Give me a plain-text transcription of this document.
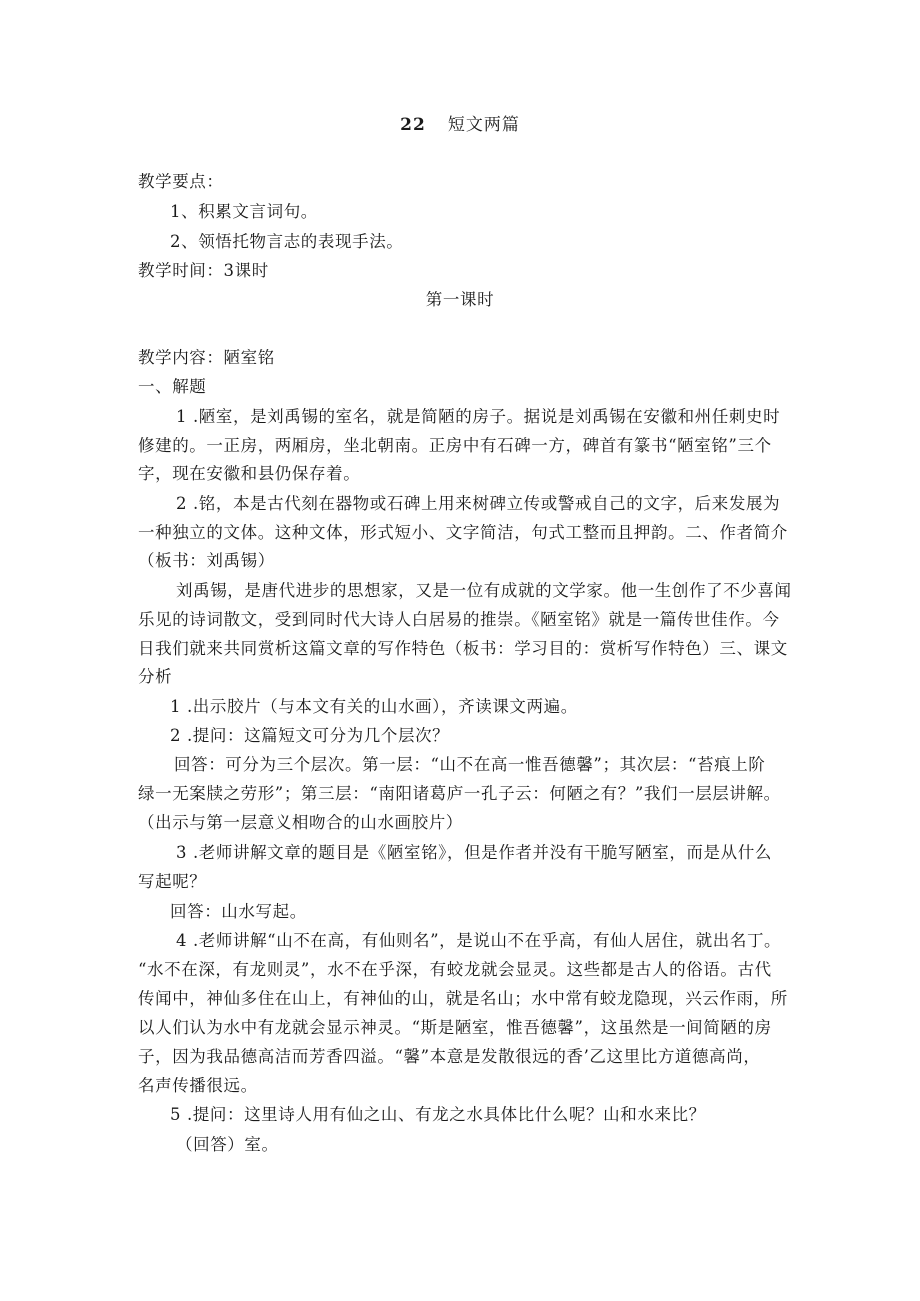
22 短文两篇
教学要点：
1、积累文言词句。
2、领悟托物言志的表现手法。
教学时间：3课时
第一课时
教学内容：陋室铭
一、解题
1 .陋室，是刘禹锡的室名，就是简陋的房子。据说是刘禹锡在安徽和州任刺史时
修建的。一正房，两厢房，坐北朝南。正房中有石碑一方，碑首有篆书“陋室铭”三个
字，现在安徽和县仍保存着。
2 .铭，本是古代刻在器物或石碑上用来树碑立传或警戒自己的文字，后来发展为
一种独立的文体。这种文体，形式短小、文字简洁，句式工整而且押韵。二、作者简介
（板书：刘禹锡）
刘禹锡，是唐代进步的思想家，又是一位有成就的文学家。他一生创作了不少喜闻
乐见的诗词散文，受到同时代大诗人白居易的推崇。《陋室铭》就是一篇传世佳作。今
日我们就来共同赏析这篇文章的写作特色（板书：学习目的：赏析写作特色）三、课文
分析
1 .出示胶片（与本文有关的山水画），齐读课文两遍。
2 .提问：这篇短文可分为几个层次？
回答：可分为三个层次。第一层：“山不在高一惟吾德馨”；其次层：“苔痕上阶
绿一无案牍之劳形”；第三层：“南阳诸葛庐一孔子云：何陋之有？”我们一层层讲解。
（出示与第一层意义相吻合的山水画胶片）
3 .老师讲解文章的题目是《陋室铭》，但是作者并没有干脆写陋室，而是从什么
写起呢？
回答：山水写起。
4 .老师讲解“山不在高，有仙则名”，是说山不在乎高，有仙人居住，就出名丁。
“水不在深，有龙则灵”，水不在乎深，有蛟龙就会显灵。这些都是古人的俗语。古代
传闻中，神仙多住在山上，有神仙的山，就是名山；水中常有蛟龙隐现，兴云作雨，所
以人们认为水中有龙就会显示神灵。“斯是陋室，惟吾德馨”，这虽然是一间简陋的房
子，因为我品德高洁而芳香四溢。“馨”本意是发散很远的香’乙这里比方道德高尚，
名声传播很远。
5 .提问：这里诗人用有仙之山、有龙之水具体比什么呢？山和水来比？
（回答）室。
